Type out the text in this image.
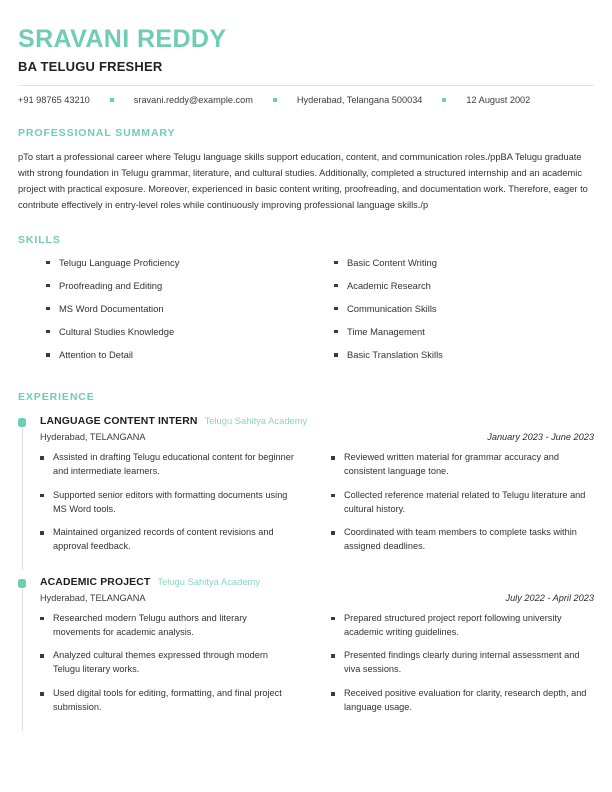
SRAVANI REDDY
BA TELUGU FRESHER
+91 98765 43210	sravani.reddy@example.com	Hyderabad, Telangana 500034	12 August 2002
PROFESSIONAL SUMMARY
pTo start a professional career where Telugu language skills support education, content, and communication roles./ppBA Telugu graduate with strong foundation in Telugu grammar, literature, and cultural studies. Additionally, completed a structured internship and an academic project with practical exposure. Moreover, experienced in basic content writing, proofreading, and documentation work. Therefore, eager to contribute effectively in entry-level roles while continuously improving professional language skills./p
SKILLS
Telugu Language Proficiency
Proofreading and Editing
MS Word Documentation
Cultural Studies Knowledge
Attention to Detail
Basic Content Writing
Academic Research
Communication Skills
Time Management
Basic Translation Skills
EXPERIENCE
LANGUAGE CONTENT INTERN Telugu Sahitya Academy
Hyderabad, TELANGANA	January 2023 - June 2023
Assisted in drafting Telugu educational content for beginner and intermediate learners.
Supported senior editors with formatting documents using MS Word tools.
Maintained organized records of content revisions and approval feedback.
Reviewed written material for grammar accuracy and consistent language tone.
Collected reference material related to Telugu literature and cultural history.
Coordinated with team members to complete tasks within assigned deadlines.
ACADEMIC PROJECT Telugu Sahitya Academy
Hyderabad, TELANGANA	July 2022 - April 2023
Researched modern Telugu authors and literary movements for academic analysis.
Analyzed cultural themes expressed through modern Telugu literary works.
Used digital tools for editing, formatting, and final project submission.
Prepared structured project report following university academic writing guidelines.
Presented findings clearly during internal assessment and viva sessions.
Received positive evaluation for clarity, research depth, and language usage.
